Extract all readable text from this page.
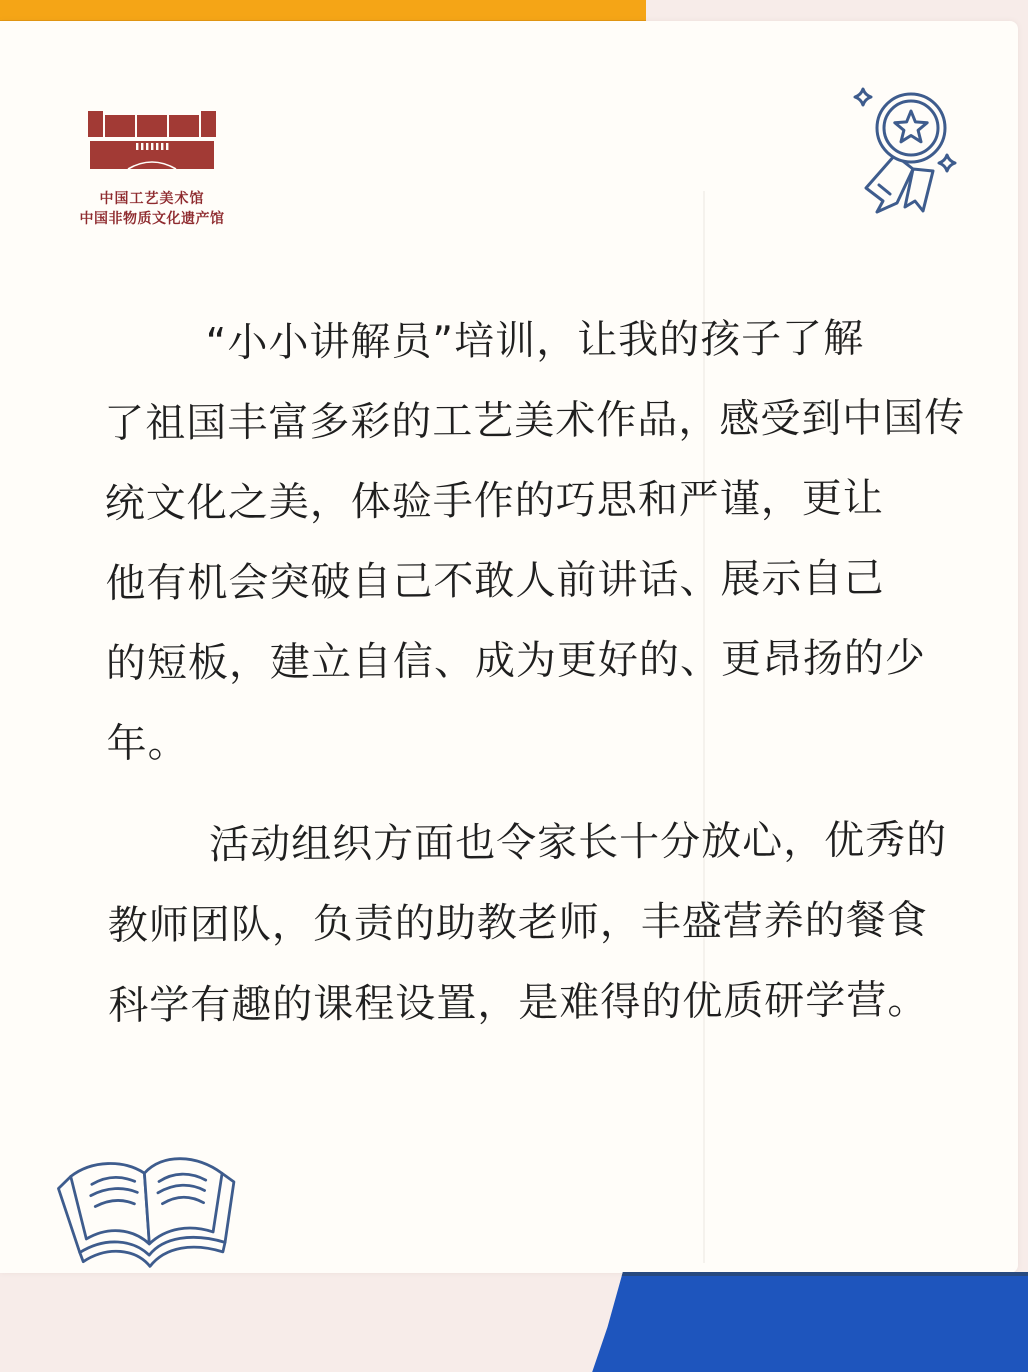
中国工艺美术馆
中国非物质文化遗产馆
“小小讲解员”培训，让我的孩子了解
了祖国丰富多彩的工艺美术作品，感受到中国传
统文化之美，体验手作的巧思和严谨，更让
他有机会突破自己不敢人前讲话、展示自己
的短板，建立自信、成为更好的、更昂扬的少
年。
活动组织方面也令家长十分放心，优秀的
教师团队，负责的助教老师，丰盛营养的餐食
科学有趣的课程设置，是难得的优质研学营。
